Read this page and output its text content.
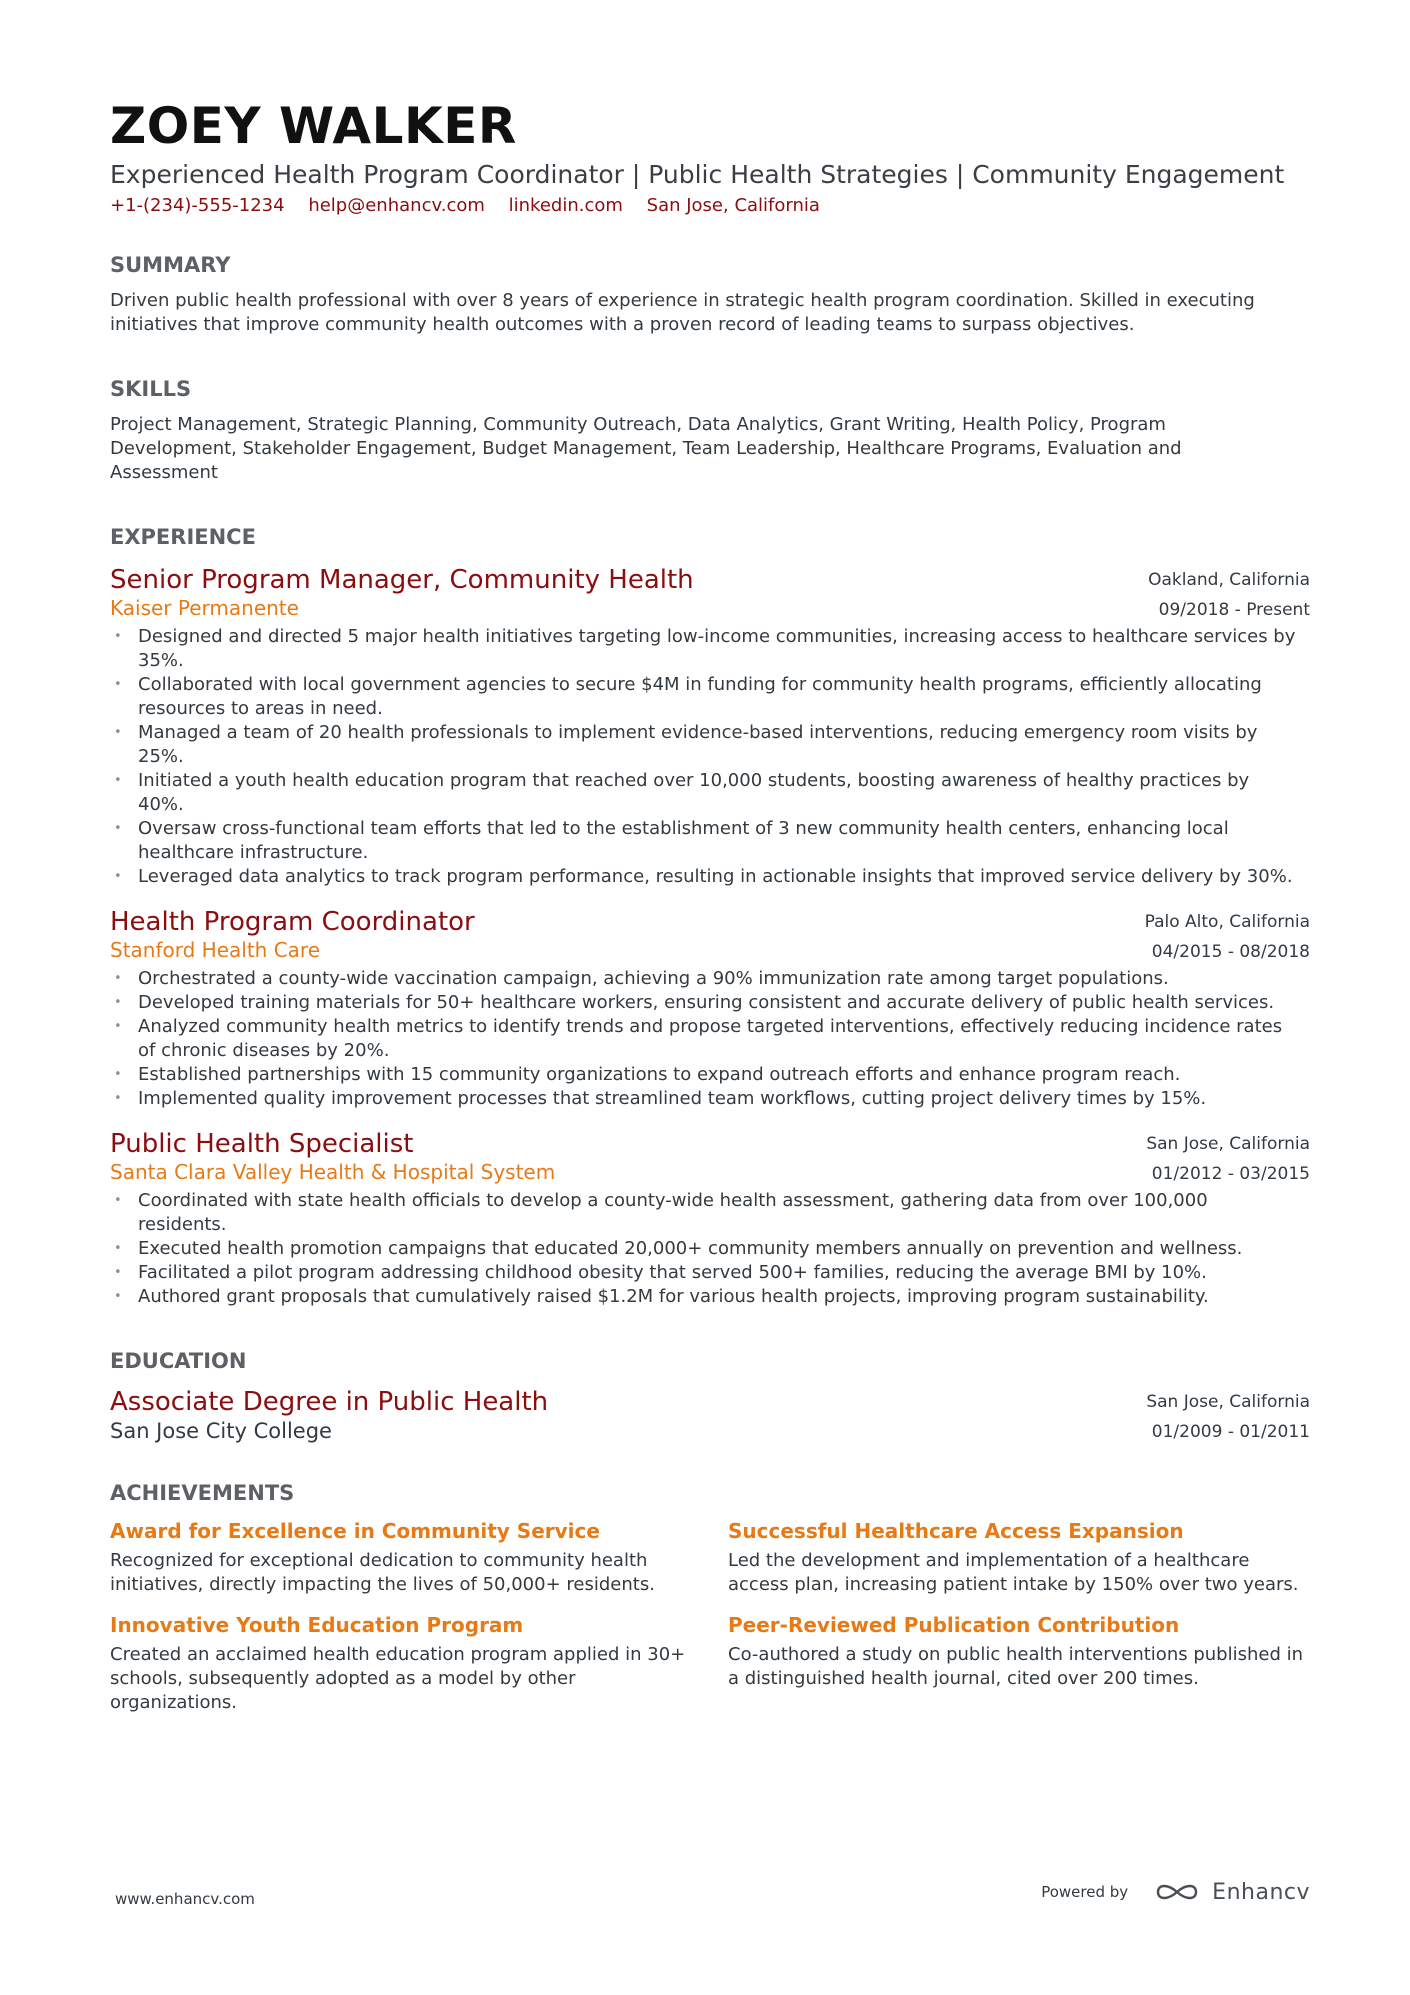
ZOEY WALKER
Experienced Health Program Coordinator | Public Health Strategies | Community Engagement
+1-(234)-555-1234 help@enhancv.com linkedin.com San Jose, California
SUMMARY
Driven public health professional with over 8 years of experience in strategic health program coordination. Skilled in executing initiatives that improve community health outcomes with a proven record of leading teams to surpass objectives.
SKILLS
Project Management, Strategic Planning, Community Outreach, Data Analytics, Grant Writing, Health Policy, Program Development, Stakeholder Engagement, Budget Management, Team Leadership, Healthcare Programs, Evaluation and Assessment
EXPERIENCE
Senior Program Manager, Community Health
Kaiser Permanente
Oakland, California
09/2018 - Present
• Designed and directed 5 major health initiatives targeting low-income communities, increasing access to healthcare services by 35%.
• Collaborated with local government agencies to secure $4M in funding for community health programs, efficiently allocating resources to areas in need.
• Managed a team of 20 health professionals to implement evidence-based interventions, reducing emergency room visits by 25%.
• Initiated a youth health education program that reached over 10,000 students, boosting awareness of healthy practices by 40%.
• Oversaw cross-functional team efforts that led to the establishment of 3 new community health centers, enhancing local healthcare infrastructure.
• Leveraged data analytics to track program performance, resulting in actionable insights that improved service delivery by 30%.
Health Program Coordinator
Stanford Health Care
Palo Alto, California
04/2015 - 08/2018
• Orchestrated a county-wide vaccination campaign, achieving a 90% immunization rate among target populations.
• Developed training materials for 50+ healthcare workers, ensuring consistent and accurate delivery of public health services.
• Analyzed community health metrics to identify trends and propose targeted interventions, effectively reducing incidence rates of chronic diseases by 20%.
• Established partnerships with 15 community organizations to expand outreach efforts and enhance program reach.
• Implemented quality improvement processes that streamlined team workflows, cutting project delivery times by 15%.
Public Health Specialist
Santa Clara Valley Health & Hospital System
San Jose, California
01/2012 - 03/2015
• Coordinated with state health officials to develop a county-wide health assessment, gathering data from over 100,000 residents.
• Executed health promotion campaigns that educated 20,000+ community members annually on prevention and wellness.
• Facilitated a pilot program addressing childhood obesity that served 500+ families, reducing the average BMI by 10%.
• Authored grant proposals that cumulatively raised $1.2M for various health projects, improving program sustainability.
EDUCATION
Associate Degree in Public Health
San Jose City College
San Jose, California
01/2009 - 01/2011
ACHIEVEMENTS
Award for Excellence in Community Service
Recognized for exceptional dedication to community health initiatives, directly impacting the lives of 50,000+ residents.
Successful Healthcare Access Expansion
Led the development and implementation of a healthcare access plan, increasing patient intake by 150% over two years.
Innovative Youth Education Program
Created an acclaimed health education program applied in 30+ schools, subsequently adopted as a model by other organizations.
Peer-Reviewed Publication Contribution
Co-authored a study on public health interventions published in a distinguished health journal, cited over 200 times.
www.enhancv.com	Powered by	Enhancv
